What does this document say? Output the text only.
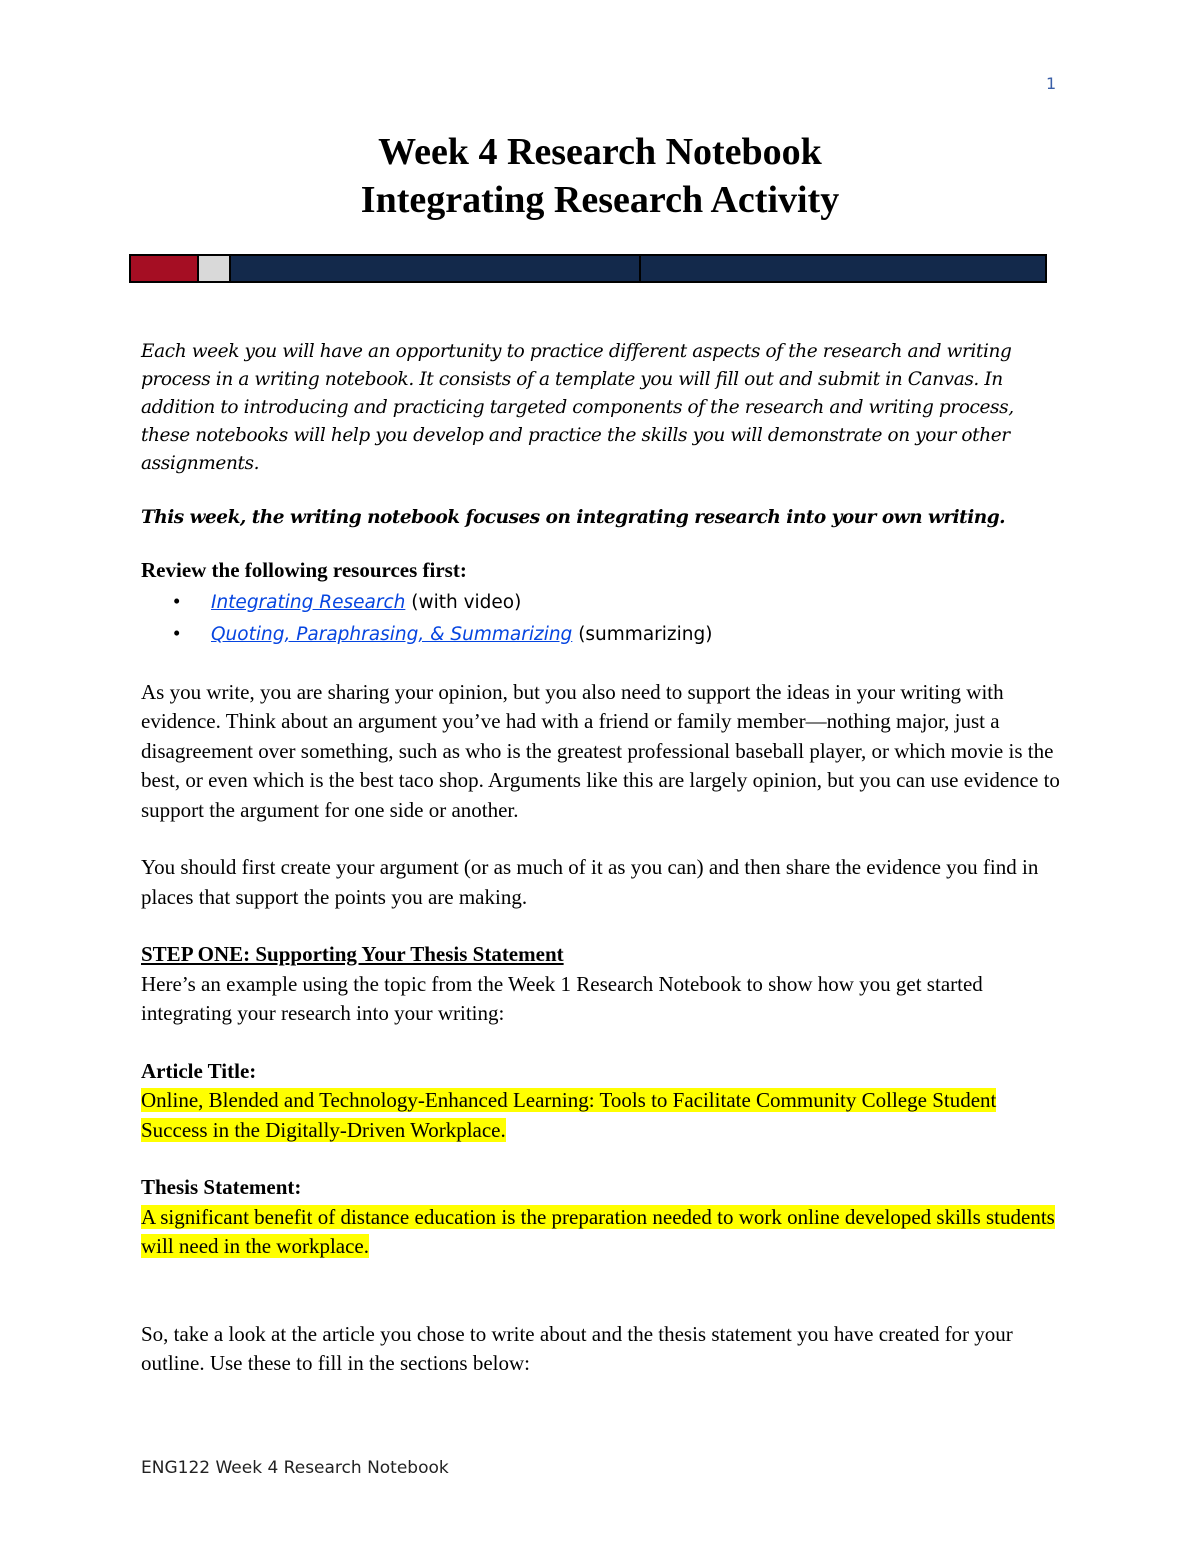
1
Week 4 Research Notebook
Integrating Research Activity

Each week you will have an opportunity to practice different aspects of the research and writing process in a writing notebook. It consists of a template you will fill out and submit in Canvas. In addition to introducing and practicing targeted components of the research and writing process, these notebooks will help you develop and practice the skills you will demonstrate on your other assignments.

This week, the writing notebook focuses on integrating research into your own writing.

Review the following resources first:

• Integrating Research (with video)
• Quoting, Paraphrasing, & Summarizing (summarizing)

As you write, you are sharing your opinion, but you also need to support the ideas in your writing with evidence. Think about an argument you’ve had with a friend or family member—nothing major, just a disagreement over something, such as who is the greatest professional baseball player, or which movie is the best, or even which is the best taco shop. Arguments like this are largely opinion, but you can use evidence to support the argument for one side or another.

You should first create your argument (or as much of it as you can) and then share the evidence you find in places that support the points you are making.

STEP ONE: Supporting Your Thesis Statement

Here’s an example using the topic from the Week 1 Research Notebook to show how you get started integrating your research into your writing:

Article Title:

Online, Blended and Technology-Enhanced Learning: Tools to Facilitate Community College Student Success in the Digitally-Driven Workplace.

Thesis Statement:

A significant benefit of distance education is the preparation needed to work online developed skills students will need in the workplace.

So, take a look at the article you chose to write about and the thesis statement you have created for your outline. Use these to fill in the sections below:

ENG122 Week 4 Research Notebook
